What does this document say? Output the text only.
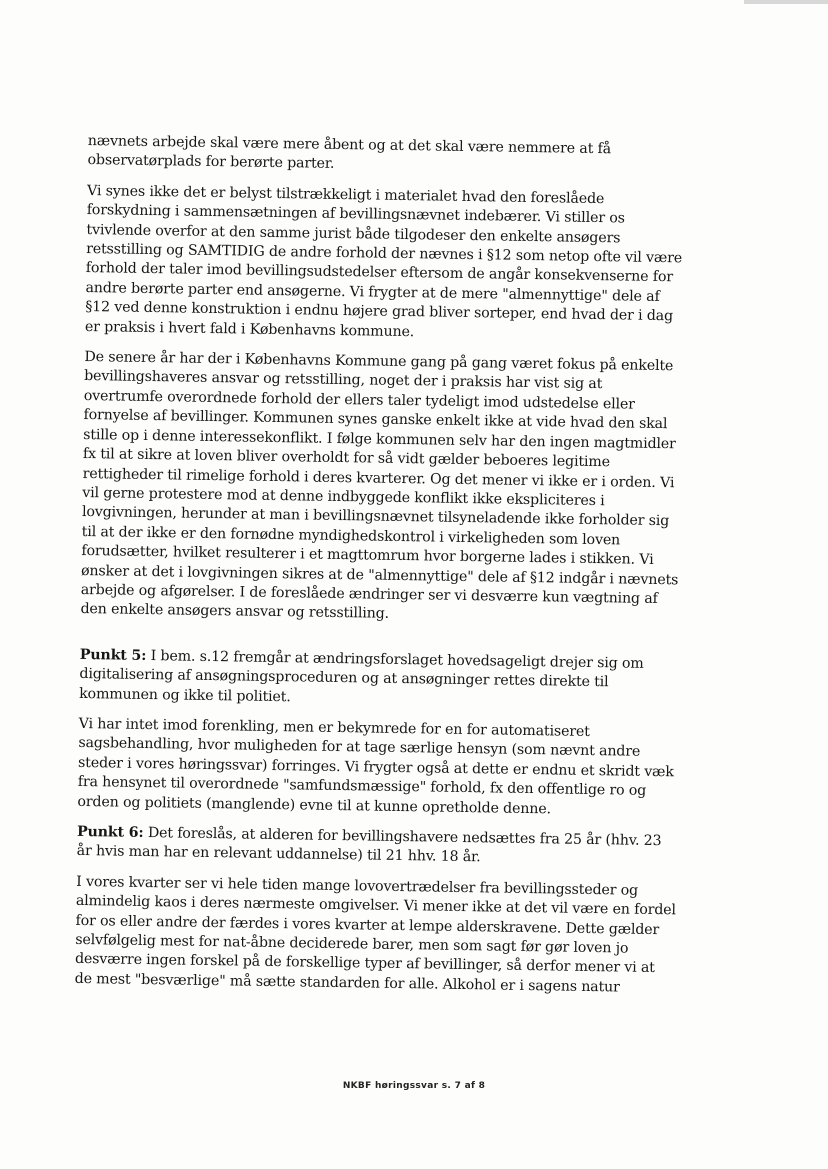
nævnets arbejde skal være mere åbent og at det skal være nemmere at få observatørplads for berørte parter.

Vi synes ikke det er belyst tilstrækkeligt i materialet hvad den foreslåede forskydning i sammensætningen af bevillingsnævnet indebærer. Vi stiller os tvivlende overfor at den samme jurist både tilgodeser den enkelte ansøgers retsstilling og SAMTIDIG de andre forhold der nævnes i §12 som netop ofte vil være forhold der taler imod bevillingsudstedelser eftersom de angår konsekvenserne for andre berørte parter end ansøgerne. Vi frygter at de mere "almennyttige" dele af §12 ved denne konstruktion i endnu højere grad bliver sorteper, end hvad der i dag er praksis i hvert fald i Københavns kommune.

De senere år har der i Københavns Kommune gang på gang været fokus på enkelte bevillingshaveres ansvar og retsstilling, noget der i praksis har vist sig at overtrumfe overordnede forhold der ellers taler tydeligt imod udstedelse eller fornyelse af bevillinger. Kommunen synes ganske enkelt ikke at vide hvad den skal stille op i denne interessekonflikt. I følge kommunen selv har den ingen magtmidler fx til at sikre at loven bliver overholdt for så vidt gælder beboeres legitime rettigheder til rimelige forhold i deres kvarterer. Og det mener vi ikke er i orden. Vi vil gerne protestere mod at denne indbyggede konflikt ikke ekspliciteres i lovgivningen, herunder at man i bevillingsnævnet tilsyneladende ikke forholder sig til at der ikke er den fornødne myndighedskontrol i virkeligheden som loven forudsætter, hvilket resulterer i et magttomrum hvor borgerne lades i stikken. Vi ønsker at det i lovgivningen sikres at de "almennyttige" dele af §12 indgår i nævnets arbejde og afgørelser. I de foreslåede ændringer ser vi desværre kun vægtning af den enkelte ansøgers ansvar og retsstilling.

Punkt 5: I bem. s.12 fremgår at ændringsforslaget hovedsageligt drejer sig om digitalisering af ansøgningsproceduren og at ansøgninger rettes direkte til kommunen og ikke til politiet.

Vi har intet imod forenkling, men er bekymrede for en for automatiseret sagsbehandling, hvor muligheden for at tage særlige hensyn (som nævnt andre steder i vores høringssvar) forringes. Vi frygter også at dette er endnu et skridt væk fra hensynet til overordnede "samfundsmæssige" forhold, fx den offentlige ro og orden og politiets (manglende) evne til at kunne opretholde denne.

Punkt 6: Det foreslås, at alderen for bevillingshavere nedsættes fra 25 år (hhv. 23 år hvis man har en relevant uddannelse) til 21 hhv. 18 år.

I vores kvarter ser vi hele tiden mange lovovertrædelser fra bevillingssteder og almindelig kaos i deres nærmeste omgivelser. Vi mener ikke at det vil være en fordel for os eller andre der færdes i vores kvarter at lempe alderskravene. Dette gælder selvfølgelig mest for nat-åbne deciderede barer, men som sagt før gør loven jo desværre ingen forskel på de forskellige typer af bevillinger, så derfor mener vi at de mest "besværlige" må sætte standarden for alle. Alkohol er i sagens natur

NKBF høringssvar s. 7 af 8
